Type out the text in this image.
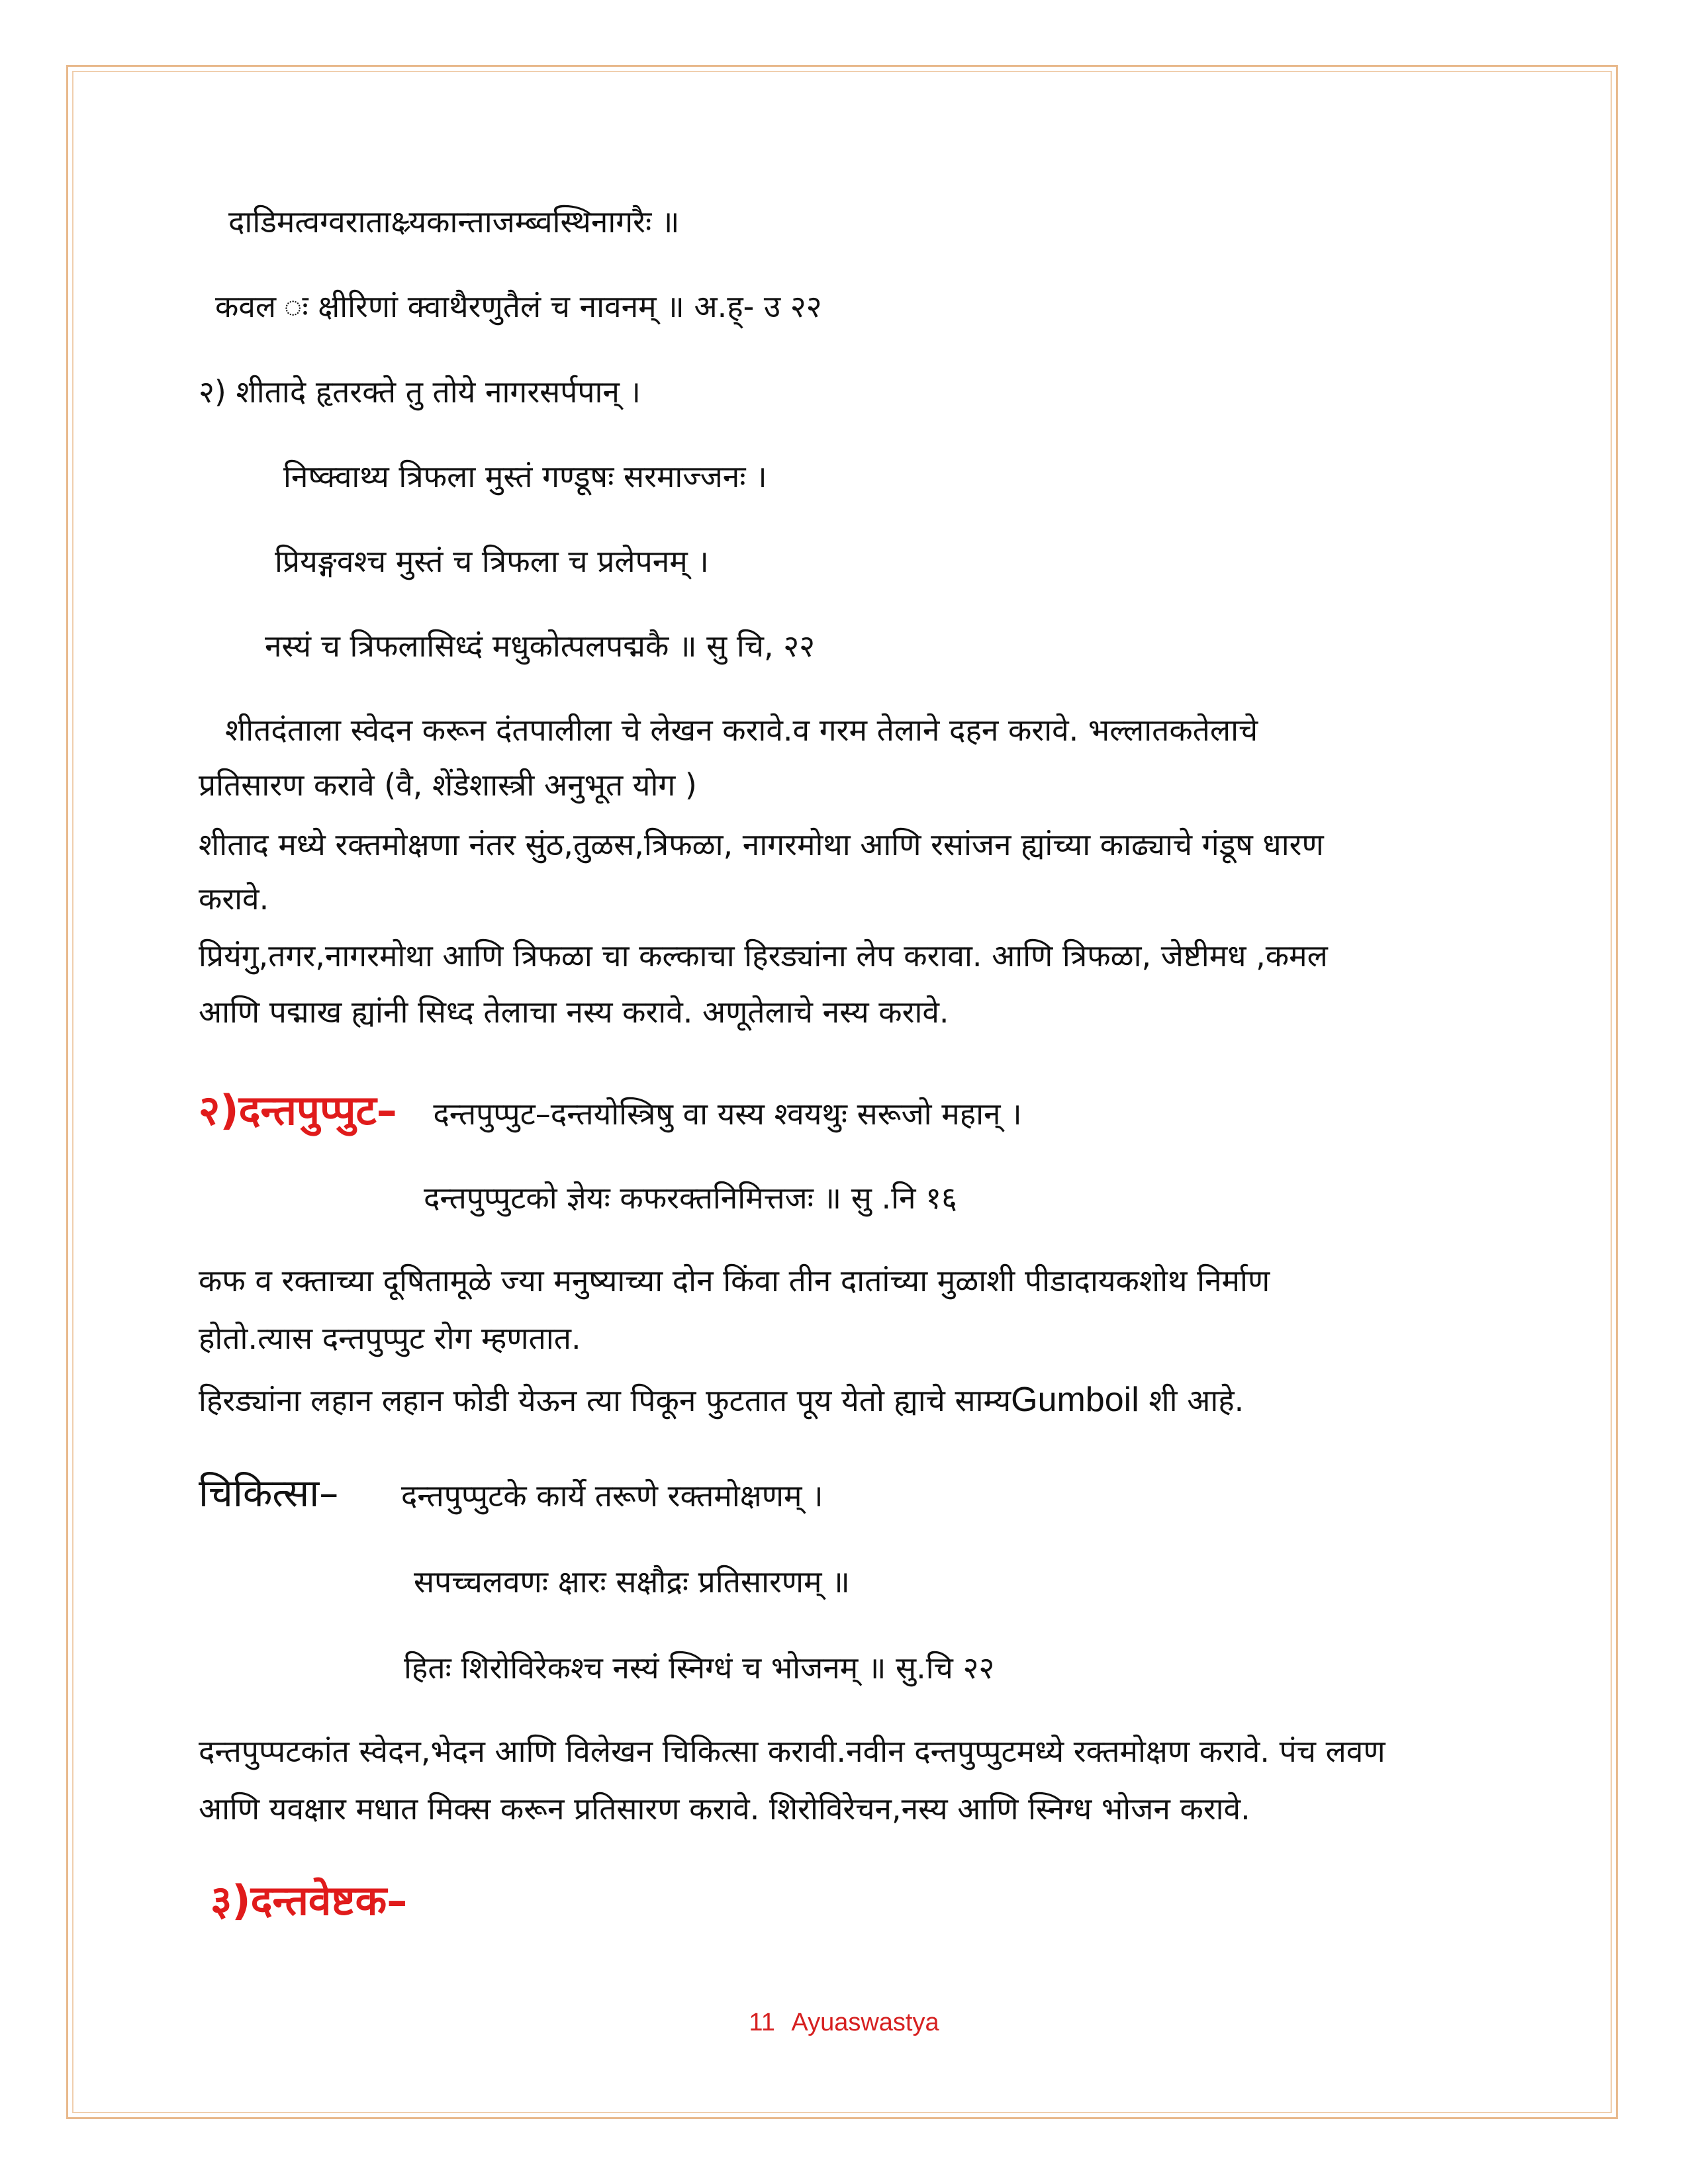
दाडिमत्वग्वराताक्ष्र्यकान्ताजम्ब्वस्थिनागरैः ॥
कवल ः क्षीरिणां क्वाथैरणुतैलं च नावनम् ॥ अ.ह्- उ २२
२) शीतादे हृतरक्ते तु तोये नागरसर्पपान् ।
निष्क्वाथ्य त्रिफला मुस्तं गण्डूषः सरमाज्जनः ।
प्रियङ्गवश्च मुस्तं च त्रिफला च प्रलेपनम् ।
नस्यं च त्रिफलासिध्दं मधुकोत्पलपद्मकै ॥ सु चि, २२
शीतदंताला स्वेदन करून दंतपालीला चे लेखन करावे.व गरम तेलाने दहन करावे. भल्लातकतेलाचे
प्रतिसारण करावे (वै, शेंडेशास्त्री अनुभूत योग )
शीताद मध्ये रक्तमोक्षणा नंतर सुंठ,तुळस,त्रिफळा, नागरमोथा आणि रसांजन ह्यांच्या काढ्याचे गंडूष धारण
करावे.
प्रियंगु,तगर,नागरमोथा आणि त्रिफळा चा कल्काचा हिरड्यांना लेप करावा. आणि त्रिफळा, जेष्टीमध ,कमल
आणि पद्माख ह्यांनी सिध्द तेलाचा नस्य करावे. अणूतेलाचे नस्य करावे.
२)दन्तपुप्पुट– दन्तपुप्पुट–दन्तयोस्त्रिषु वा यस्य श्वयथुः सरूजो महान् ।
दन्तपुप्पुटको ज्ञेयः कफरक्तनिमित्तजः ॥ सु .नि १६
कफ व रक्ताच्या दूषितामूळे ज्या मनुष्याच्या दोन किंवा तीन दातांच्या मुळाशी पीडादायकशोथ निर्माण
होतो.त्यास दन्तपुप्पुट रोग म्हणतात.
हिरड्यांना लहान लहान फोडी येऊन त्या पिकून फुटतात पूय येतो ह्याचे साम्यGumboil शी आहे.
चिकित्सा– दन्तपुप्पुटके कार्ये तरूणे रक्तमोक्षणम् ।
सपच्चलवणः क्षारः सक्षौद्रः प्रतिसारणम् ॥
हितः शिरोविरेकश्च नस्यं स्निग्धं च भोजनम् ॥ सु.चि २२
दन्तपुप्पटकांत स्वेदन,भेदन आणि विलेखन चिकित्सा करावी.नवीन दन्तपुप्पुटमध्ये रक्तमोक्षण करावे. पंच लवण
आणि यवक्षार मधात मिक्स करून प्रतिसारण करावे. शिरोविरेचन,नस्य आणि स्निग्ध भोजन करावे.
३)दन्तवेष्टक–
11 Ayuaswastya
